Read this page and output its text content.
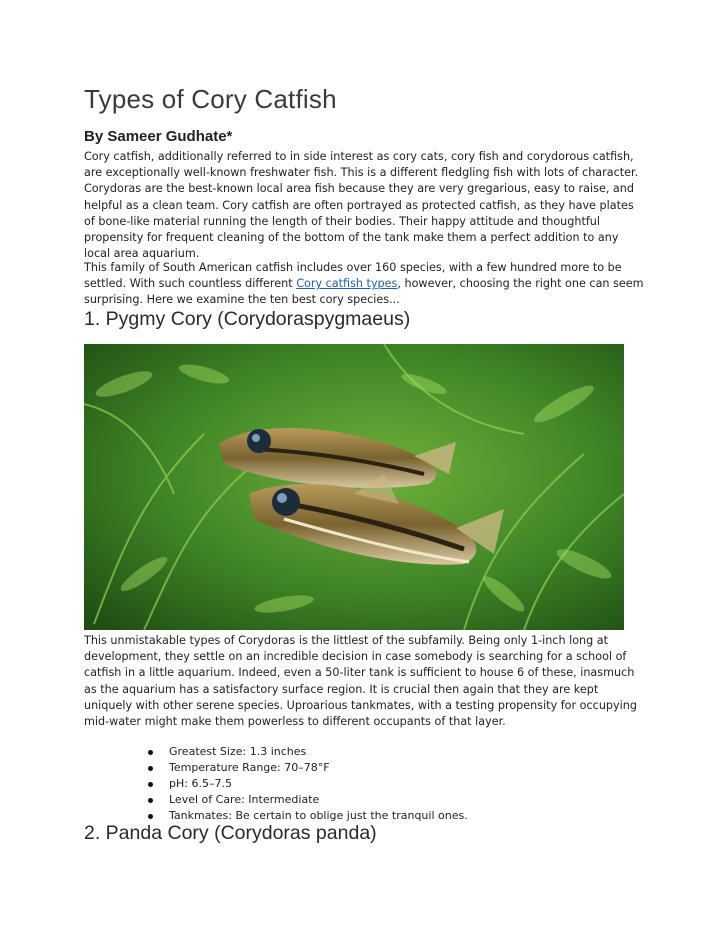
Types of Cory Catfish

By Sameer Gudhate*

Cory catfish, additionally referred to in side interest as cory cats, cory fish and corydorous catfish, are exceptionally well-known freshwater fish. This is a different fledgling fish with lots of character. Corydoras are the best-known local area fish because they are very gregarious, easy to raise, and helpful as a clean team. Cory catfish are often portrayed as protected catfish, as they have plates of bone-like material running the length of their bodies. Their happy attitude and thoughtful propensity for frequent cleaning of the bottom of the tank make them a perfect addition to any local area aquarium.

This family of South American catfish includes over 160 species, with a few hundred more to be settled. With such countless different Cory catfish types, however, choosing the right one can seem surprising. Here we examine the ten best cory species...

1. Pygmy Cory (Corydoraspygmaeus)

This unmistakable types of Corydoras is the littlest of the subfamily. Being only 1-inch long at development, they settle on an incredible decision in case somebody is searching for a school of catfish in a little aquarium. Indeed, even a 50-liter tank is sufficient to house 6 of these, inasmuch as the aquarium has a satisfactory surface region. It is crucial then again that they are kept uniquely with other serene species. Uproarious tankmates, with a testing propensity for occupying mid-water might make them powerless to different occupants of that layer.

Greatest Size: 1.3 inches
Temperature Range: 70–78°F
pH: 6.5–7.5
Level of Care: Intermediate
Tankmates: Be certain to oblige just the tranquil ones.
2. Panda Cory (Corydoras panda)
